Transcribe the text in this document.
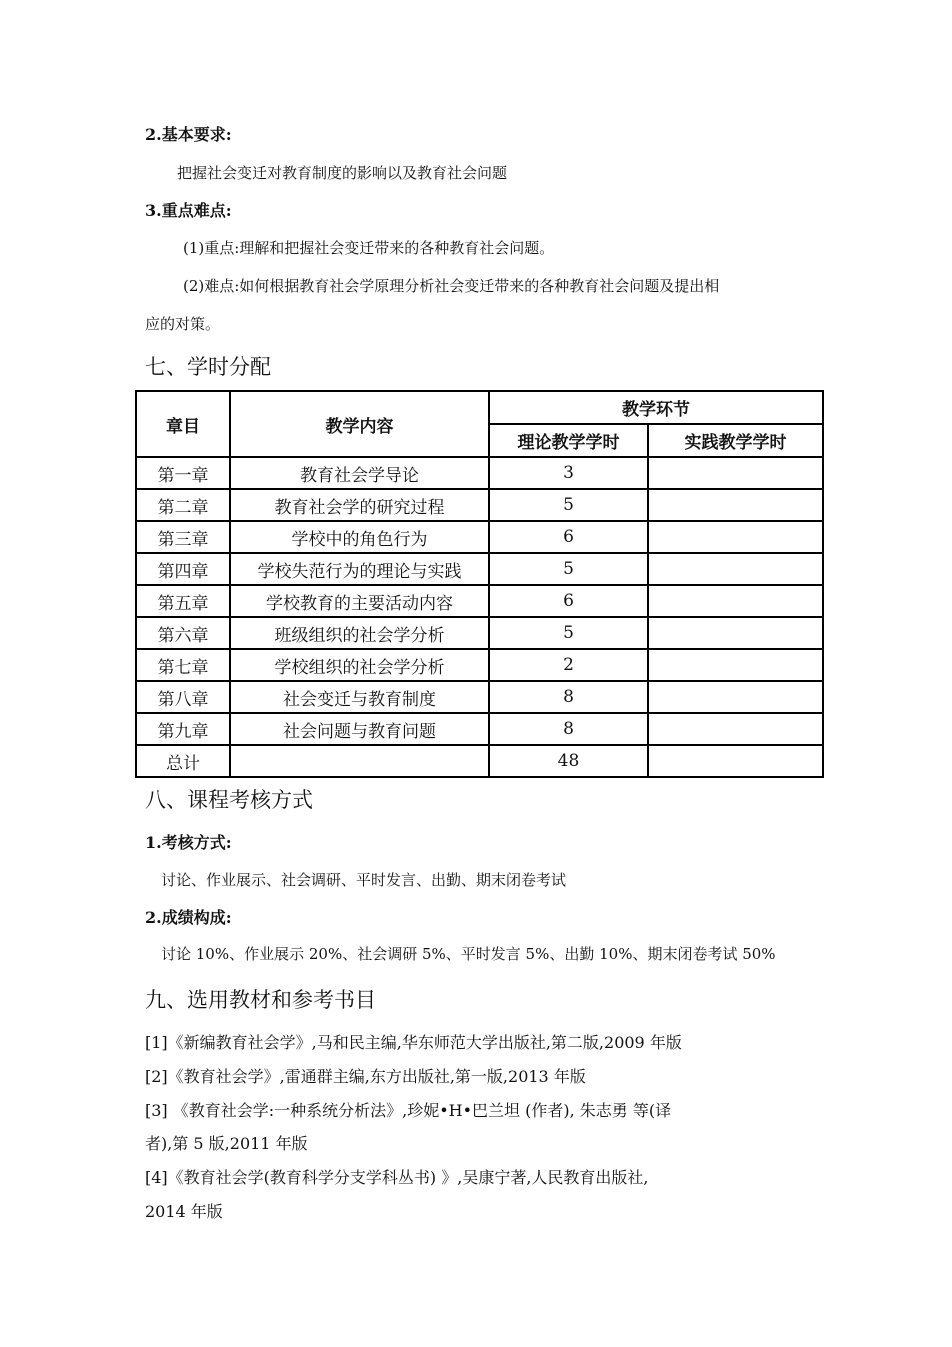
2.基本要求:
把握社会变迁对教育制度的影响以及教育社会问题
3.重点难点:
(1)重点:理解和把握社会变迁带来的各种教育社会问题。
(2)难点:如何根据教育社会学原理分析社会变迁带来的各种教育社会问题及提出相
应的对策。
七、学时分配
章目	教学内容	教学环节	
		理论教学学时	实践教学学时
第一章	教育社会学导论	3	
第二章	教育社会学的研究过程	5	
第三章	学校中的角色行为	6	
第四章	学校失范行为的理论与实践	5	
第五章	学校教育的主要活动内容	6	
第六章	班级组织的社会学分析	5	
第七章	学校组织的社会学分析	2	
第八章	社会变迁与教育制度	8	
第九章	社会问题与教育问题	8	
总计		48	
八、课程考核方式
1.考核方式:
讨论、作业展示、社会调研、平时发言、出勤、期末闭卷考试
2.成绩构成:
讨论 10%、作业展示 20%、社会调研 5%、平时发言 5%、出勤 10%、期末闭卷考试 50%
九、选用教材和参考书目
[1]《新编教育社会学》,马和民主编,华东师范大学出版社,第二版,2009 年版
[2]《教育社会学》,雷通群主编,东方出版社,第一版,2013 年版
[3] 《教育社会学:一种系统分析法》,珍妮•H•巴兰坦 (作者), 朱志勇 等(译
者),第 5 版,2011 年版
[4]《教育社会学(教育科学分支学科丛书) 》,吴康宁著,人民教育出版社,
2014 年版
